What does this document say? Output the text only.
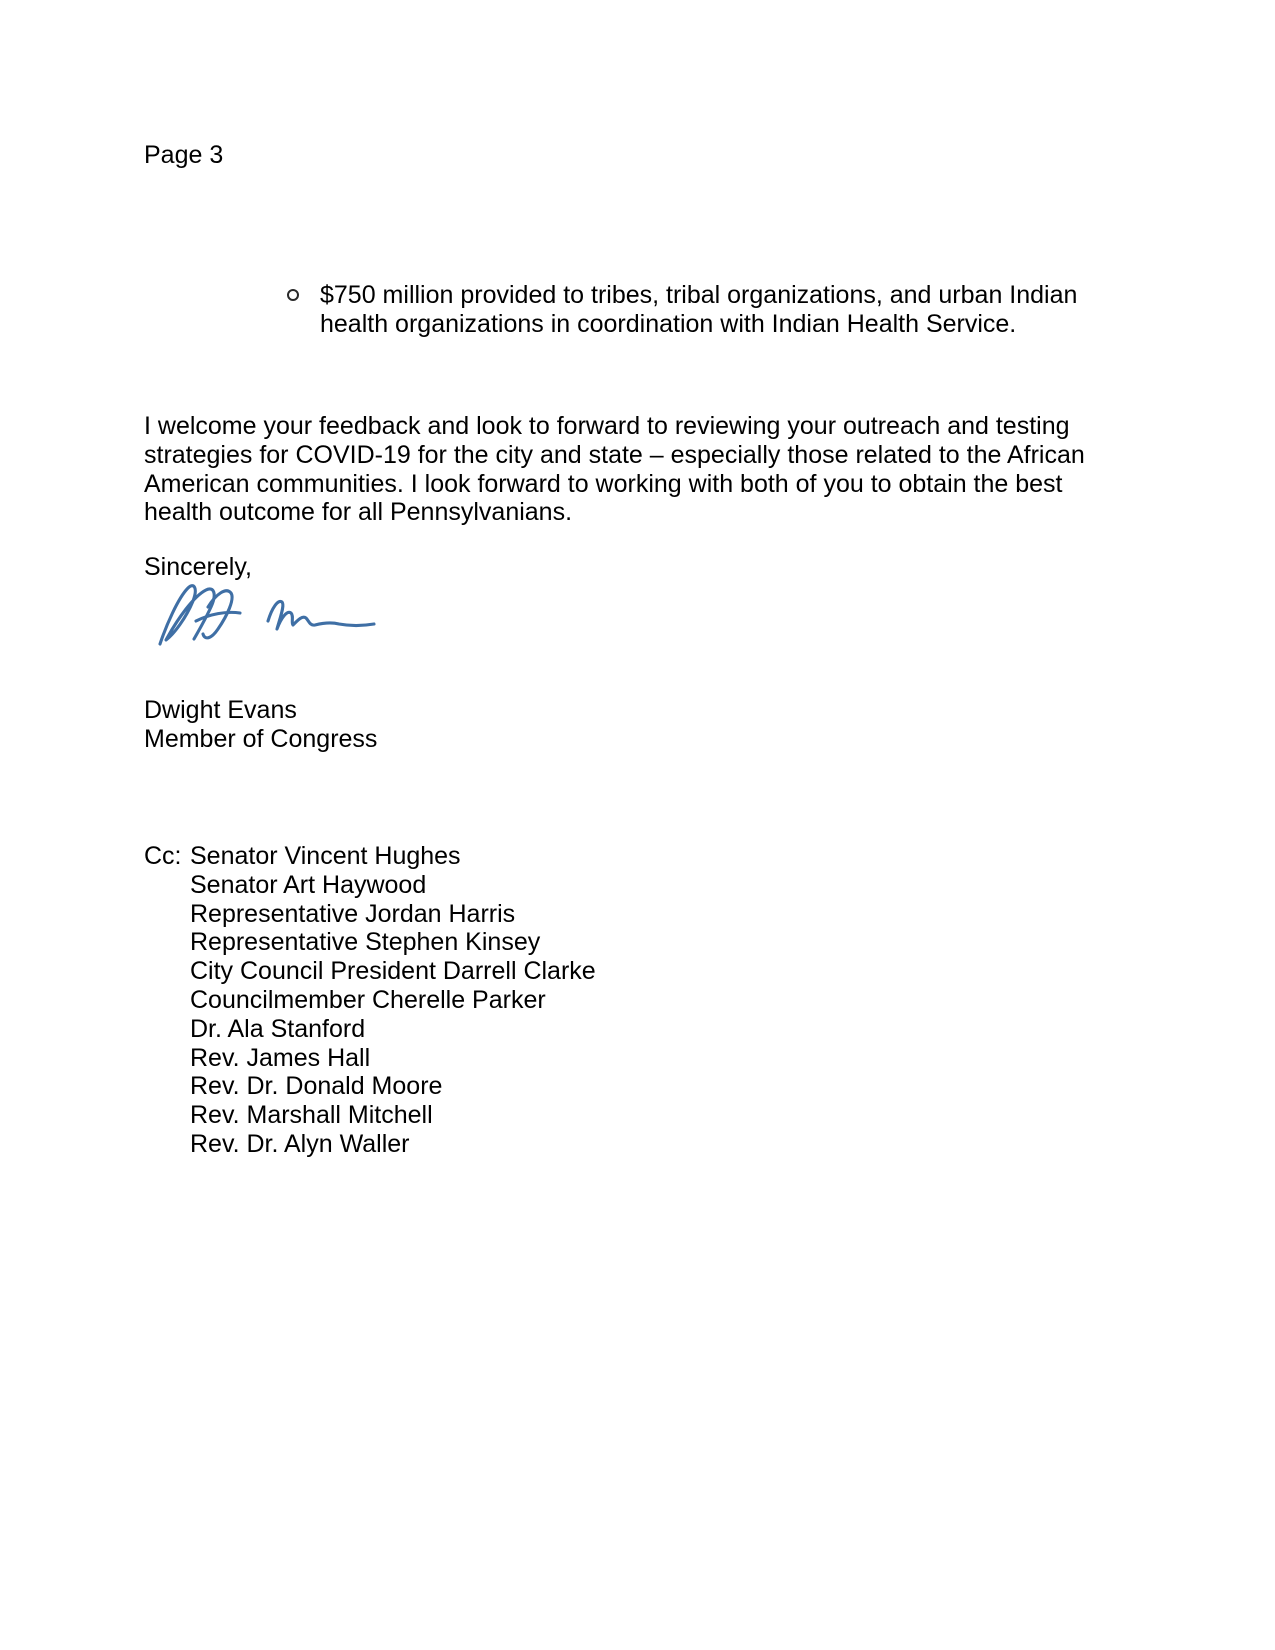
Page 3
$750 million provided to tribes, tribal organizations, and urban Indian
health organizations in coordination with Indian Health Service.
I welcome your feedback and look to forward to reviewing your outreach and testing
strategies for COVID-19 for the city and state – especially those related to the African
American communities. I look forward to working with both of you to obtain the best
health outcome for all Pennsylvanians.
Sincerely,
Dwight Evans
Member of Congress
Cc: Senator Vincent Hughes
Senator Art Haywood
Representative Jordan Harris
Representative Stephen Kinsey
City Council President Darrell Clarke
Councilmember Cherelle Parker
Dr. Ala Stanford
Rev. James Hall
Rev. Dr. Donald Moore
Rev. Marshall Mitchell
Rev. Dr. Alyn Waller
